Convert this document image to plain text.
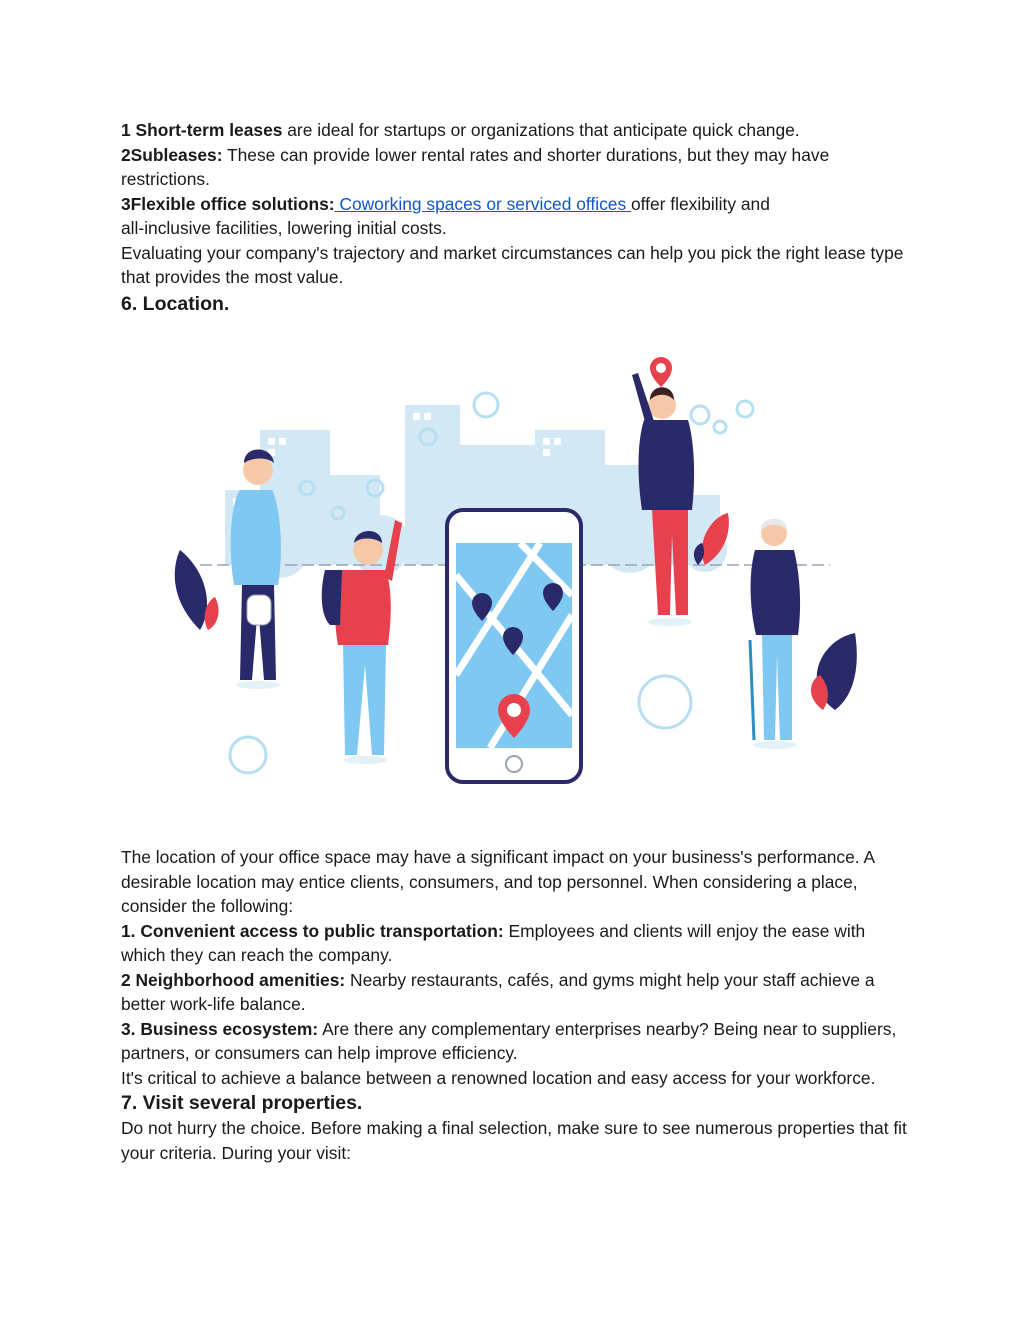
1 Short-term leases are ideal for startups or organizations that anticipate quick change.

2Subleases: These can provide lower rental rates and shorter durations, but they may have restrictions.

3Flexible office solutions: Coworking spaces or serviced offices offer flexibility and
all-inclusive facilities, lowering initial costs.

Evaluating your company's trajectory and market circumstances can help you pick the right lease type that provides the most value.

6. Location.

The location of your office space may have a significant impact on your business's performance. A desirable location may entice clients, consumers, and top personnel. When considering a place, consider the following:

1. Convenient access to public transportation: Employees and clients will enjoy the ease with which they can reach the company.

2 Neighborhood amenities: Nearby restaurants, cafés, and gyms might help your staff achieve a better work-life balance.

3. Business ecosystem: Are there any complementary enterprises nearby? Being near to suppliers, partners, or consumers can help improve efficiency.

It's critical to achieve a balance between a renowned location and easy access for your workforce.

7. Visit several properties.

Do not hurry the choice. Before making a final selection, make sure to see numerous properties that fit your criteria. During your visit:
